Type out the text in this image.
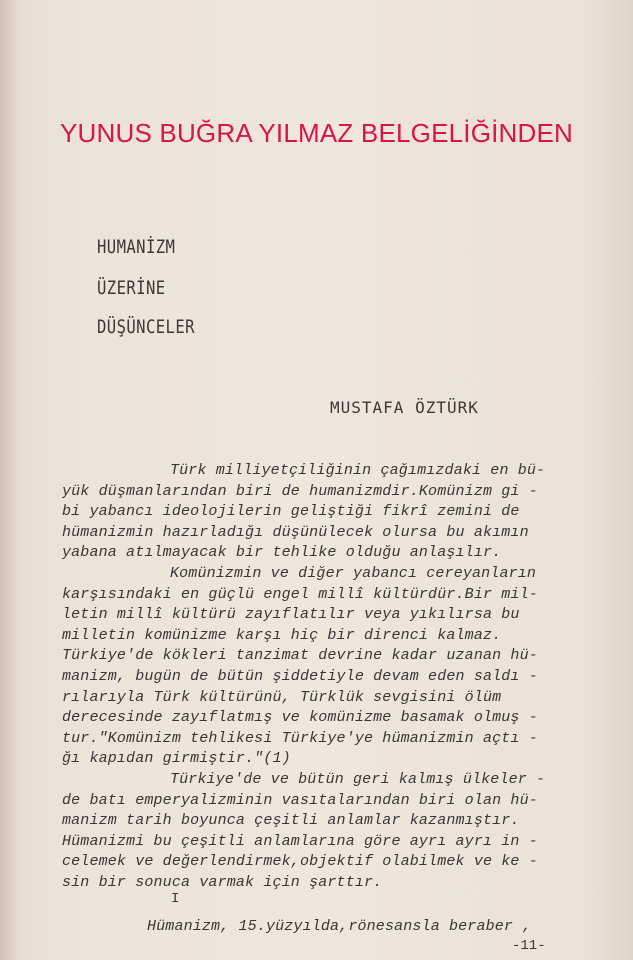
YUNUS BUĞRA YILMAZ BELGELİĞİNDEN
HUMANİZM
ÜZERİNE
DÜŞÜNCELER
MUSTAFA ÖZTÜRK
Türk milliyetçiliğinin çağımızdaki en bü-
yük düşmanlarından biri de humanizmdir.Komünizm gi -
bi yabancı ideolojilerin geliştiği fikrî zemini de
hümanizmin hazırladığı düşünülecek olursa bu akımın
yabana atılmayacak bir tehlike olduğu anlaşılır.
Komünizmin ve diğer yabancı cereyanların
karşısındaki en güçlü engel millî kültürdür.Bir mil-
letin millî kültürü zayıflatılır veya yıkılırsa bu
milletin komünizme karşı hiç bir direnci kalmaz.
Türkiye'de kökleri tanzimat devrine kadar uzanan hü-
manizm, bugün de bütün şiddetiyle devam eden saldı -
rılarıyla Türk kültürünü, Türklük sevgisini ölüm
derecesinde zayıflatmış ve komünizme basamak olmuş -
tur."Komünizm tehlikesi Türkiye'ye hümanizmin açtı -
ğı kapıdan girmiştir."(1)
Türkiye'de ve bütün geri kalmış ülkeler -
de batı emperyalizminin vasıtalarından biri olan hü-
manizm tarih boyunca çeşitli anlamlar kazanmıştır.
Hümanizmi bu çeşitli anlamlarına göre ayrı ayrı in -
celemek ve değerlendirmek,objektif olabilmek ve ke -
sin bir sonuca varmak için şarttır.
I
Hümanizm, 15.yüzyılda,rönesansla beraber ,
-11-
